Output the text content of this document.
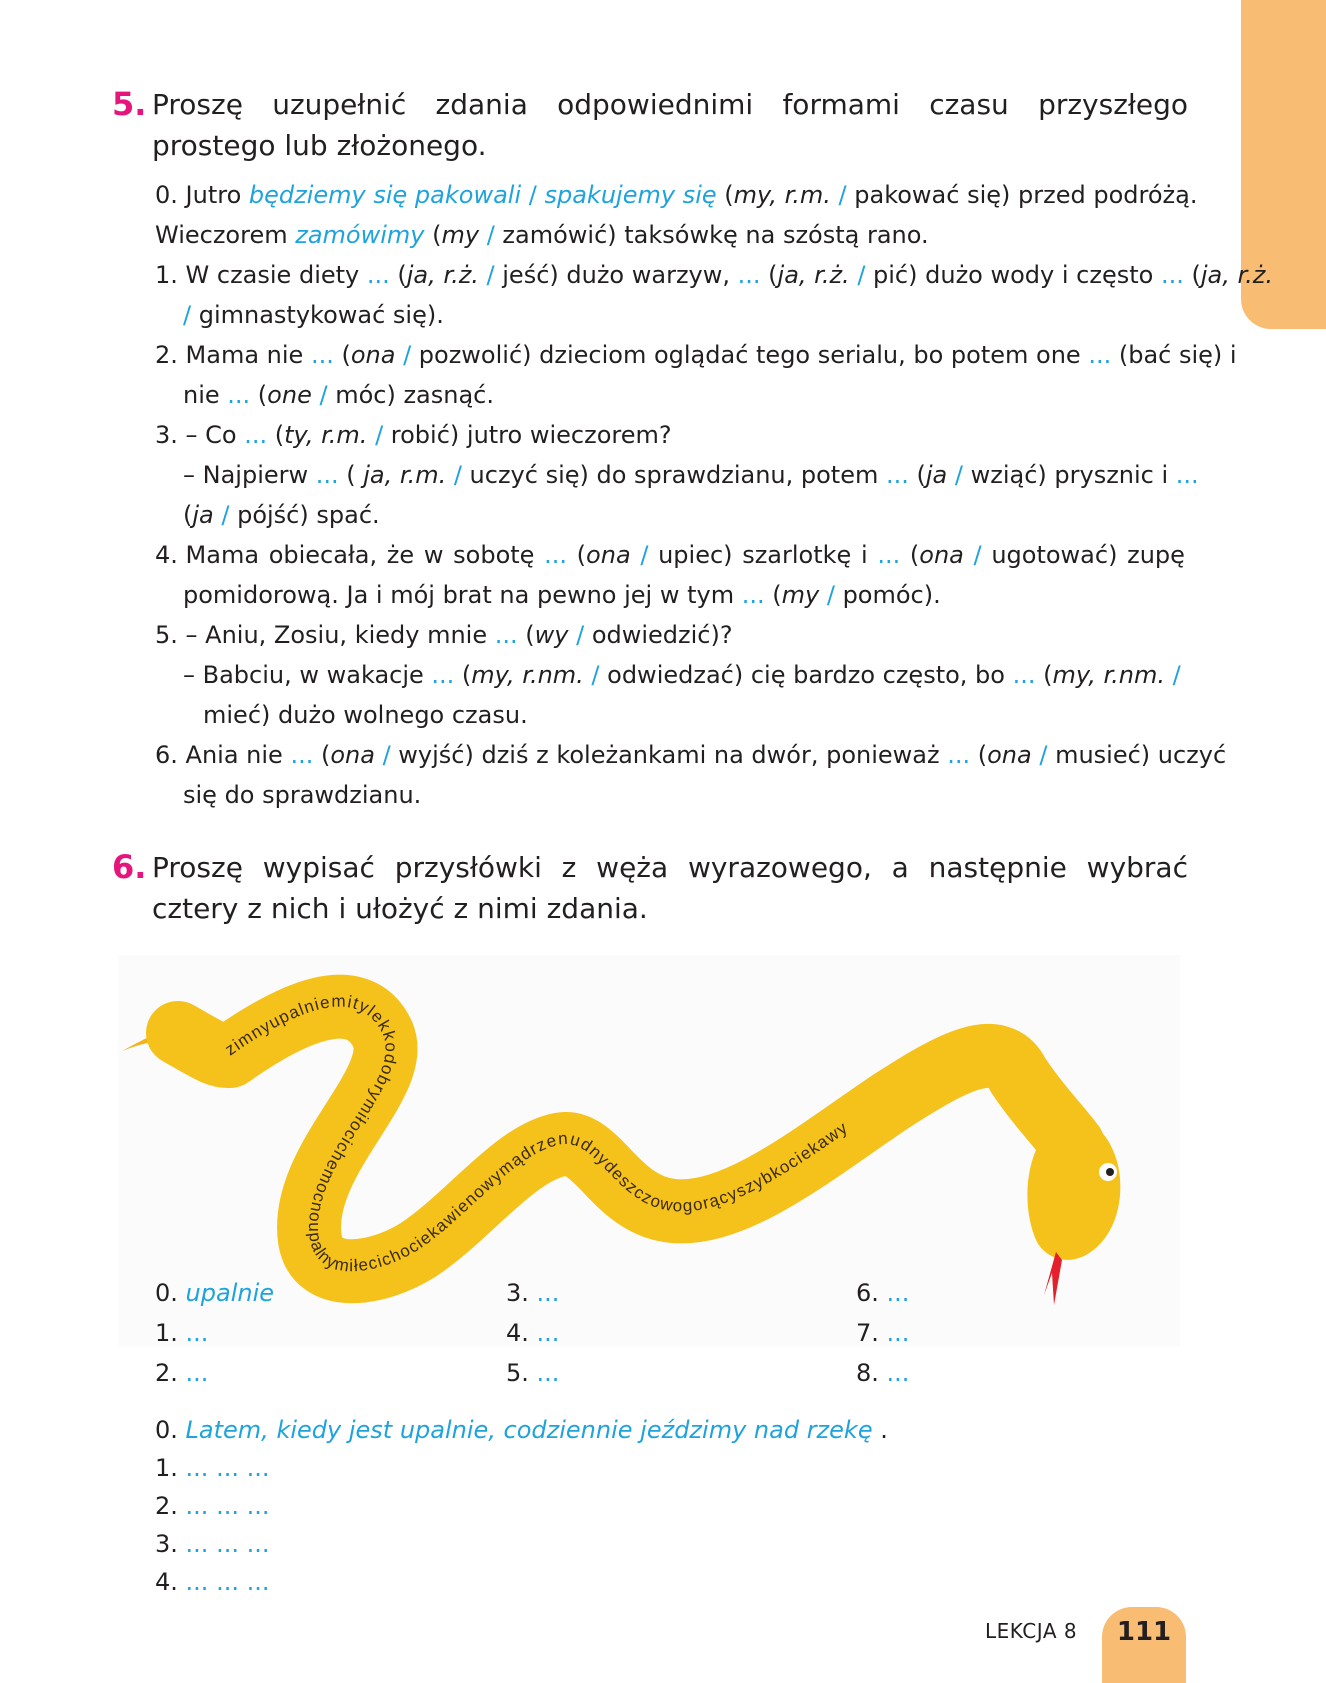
5. Proszę uzupełnić zdania odpowiednimi formami czasu przyszłego prostego lub złożonego.
0. Jutro będziemy się pakowali / spakujemy się (my, r.m. / pakować się) przed podróżą.
Wieczorem zamówimy (my / zamówić) taksówkę na szóstą rano.
1. W czasie diety ... (ja, r.ż. / jeść) dużo warzyw, ... (ja, r.ż. / pić) dużo wody i często ... (ja, r.ż.
/ gimnastykować się).
2. Mama nie ... (ona / pozwolić) dzieciom oglądać tego serialu, bo potem one ... (bać się) i
nie ... (one / móc) zasnąć.
3. – Co ... (ty, r.m. / robić) jutro wieczorem?
– Najpierw ... ( ja, r.m. / uczyć się) do sprawdzianu, potem ... (ja / wziąć) prysznic i ...
(ja / pójść) spać.
4. Mama obiecała, że w sobotę ... (ona / upiec) szarlotkę i ... (ona / ugotować) zupę
pomidorową. Ja i mój brat na pewno jej w tym ... (my / pomóc).
5. – Aniu, Zosiu, kiedy mnie ... (wy / odwiedzić)?
– Babciu, w wakacje ... (my, r.nm. / odwiedzać) cię bardzo często, bo ... (my, r.nm. /
mieć) dużo wolnego czasu.
6. Ania nie ... (ona / wyjść) dziś z koleżankami na dwór, ponieważ ... (ona / musieć) uczyć
się do sprawdzianu.
6. Proszę wypisać przysłówki z węża wyrazowego, a następnie wybrać cztery z nich i ułożyć z nimi zdania.
zimnyupalniemitylekkodobrymiłocichemocnoupalnymiłecichociekawienowymądrzenudnydeszczowogorącyszybkociekawy
0. upalnie
1. ...
2. ...
3. ...
4. ...
5. ...
6. ...
7. ...
8. ...
0. Latem, kiedy jest upalnie, codziennie jeździmy nad rzekę .
1. ... ... ...
2. ... ... ...
3. ... ... ...
4. ... ... ...
LEKCJA 8	111
